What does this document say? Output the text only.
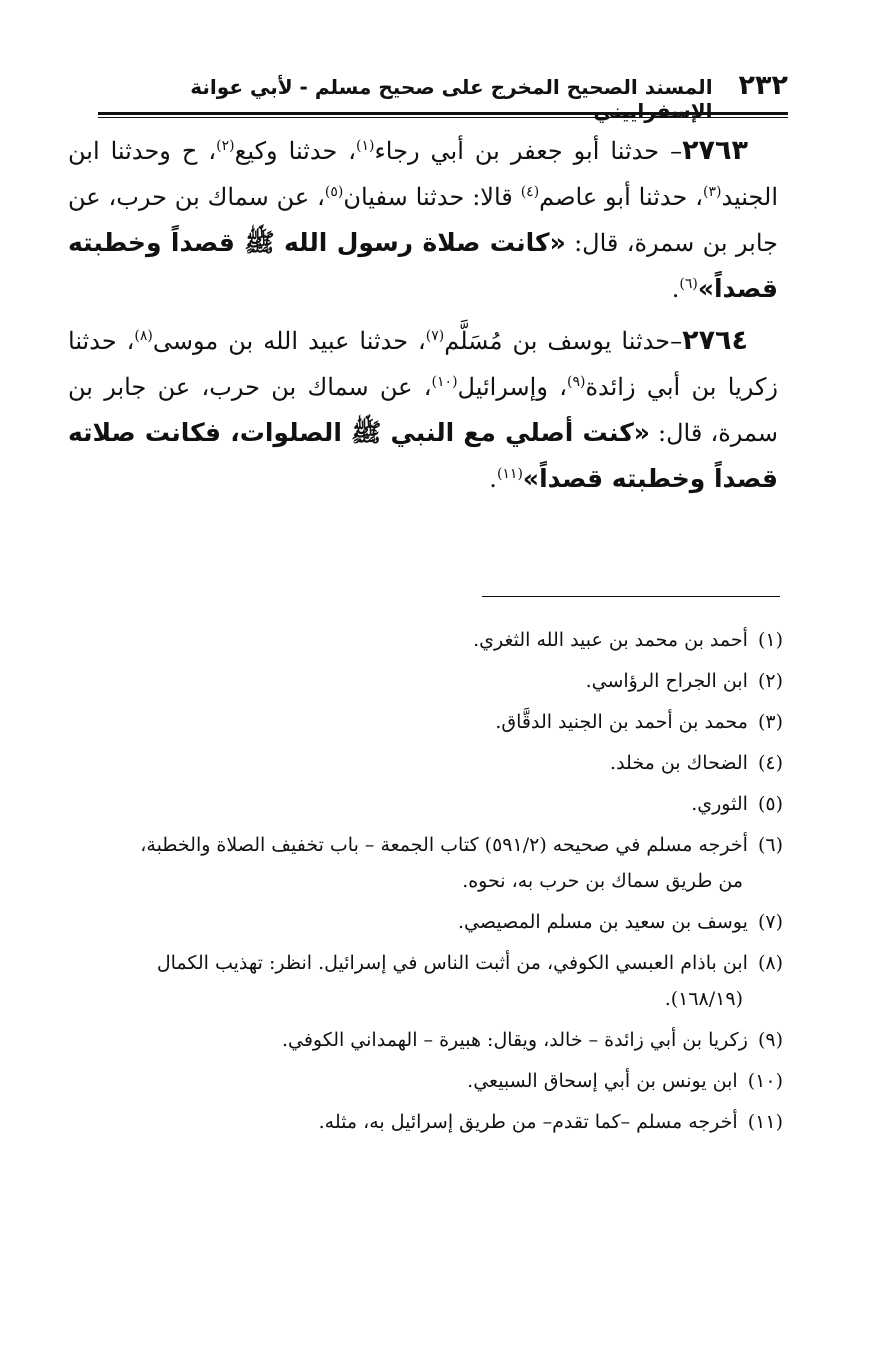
٢٣٢
المسند الصحيح المخرج على صحيح مسلم - لأبي عوانة الإسفراييني

٢٧٦٣– حدثنا أبو جعفر بن أبي رجاء$^{(١)}$، حدثنا وكيع$^{(٢)}$، ح وحدثنا ابن الجنيد$^{(٣)}$، حدثنا أبو عاصم$^{(٤)}$ قالا: حدثنا سفيان$^{(٥)}$، عن سماك بن حرب، عن جابر بن سمرة، قال: «كانت صلاة رسول الله ﷺ قصداً وخطبته قصداً»$^{(٦)}$.

٢٧٦٤–حدثنا يوسف بن مُسَلَّم$^{(٧)}$، حدثنا عبيد الله بن موسى$^{(٨)}$، حدثنا زكريا بن أبي زائدة$^{(٩)}$، وإسرائيل$^{(١٠)}$، عن سماك بن حرب، عن جابر بن سمرة، قال: «كنت أصلي مع النبي ﷺ الصلوات، فكانت صلاته قصداً وخطبته قصداً»$^{(١١)}$.

(١) أحمد بن محمد بن عبيد الله الثغري.
(٢) ابن الجراح الرؤاسي.
(٣) محمد بن أحمد بن الجنيد الدقَّاق.
(٤) الضحاك بن مخلد.
(٥) الثوري.
(٦) أخرجه مسلم في صحيحه (٥٩١/٢) كتاب الجمعة – باب تخفيف الصلاة والخطبة،
من طريق سماك بن حرب به، نحوه.
(٧) يوسف بن سعيد بن مسلم المصيصي.
(٨) ابن باذام العبسي الكوفي، من أثبت الناس في إسرائيل. انظر: تهذيب الكمال
(١٦٨/١٩).
(٩) زكريا بن أبي زائدة – خالد، ويقال: هبيرة – الهمداني الكوفي.
(١٠) ابن يونس بن أبي إسحاق السبيعي.
(١١) أخرجه مسلم –كما تقدم– من طريق إسرائيل به، مثله.
